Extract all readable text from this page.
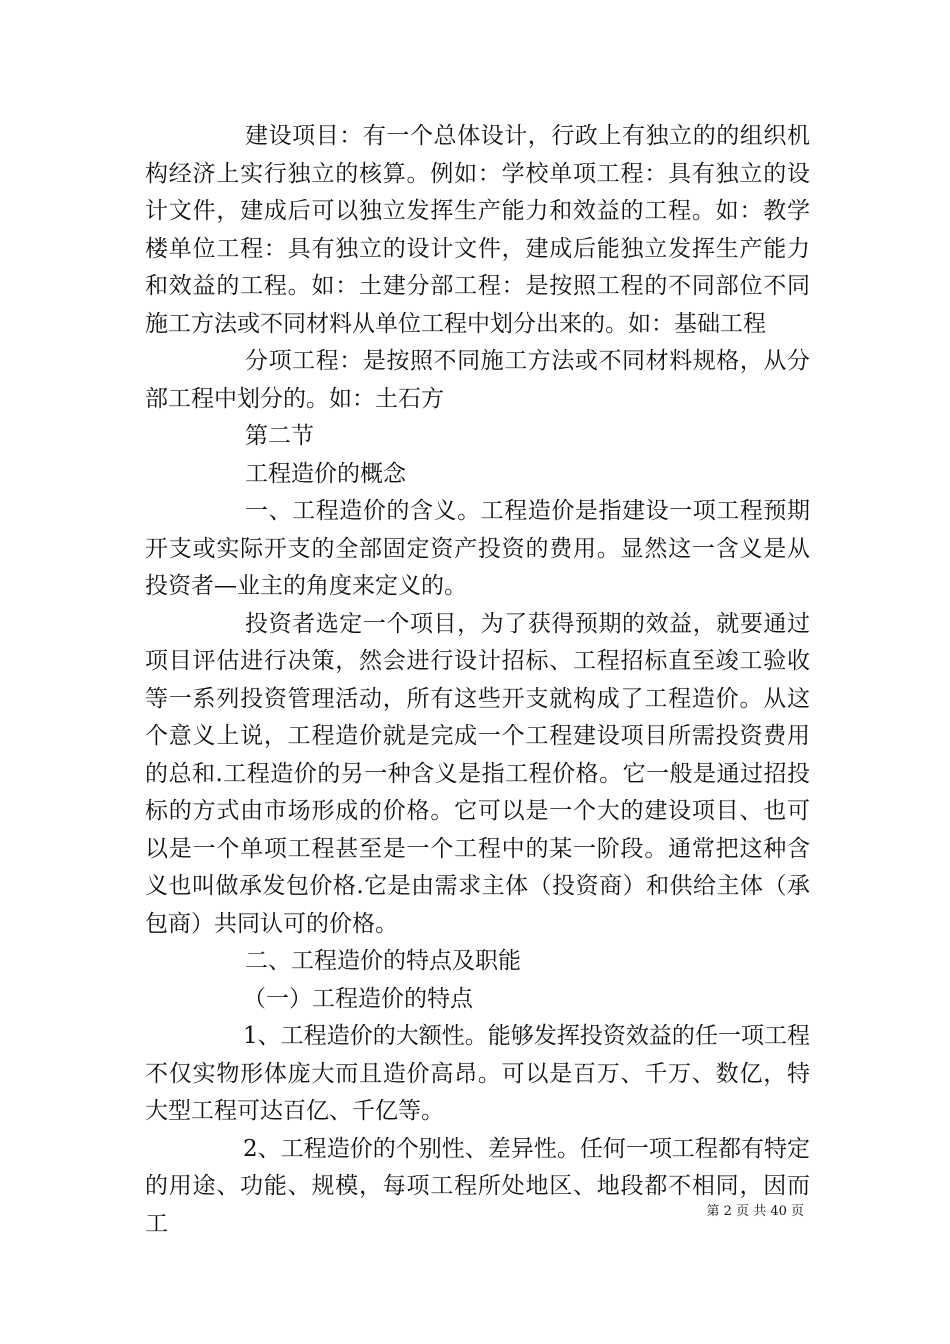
建设项目：有一个总体设计，行政上有独立的的组织机构经济上实行独立的核算。例如：学校单项工程：具有独立的设计文件，建成后可以独立发挥生产能力和效益的工程。如：教学楼单位工程：具有独立的设计文件，建成后能独立发挥生产能力和效益的工程。如：土建分部工程：是按照工程的不同部位不同施工方法或不同材料从单位工程中划分出来的。如：基础工程

分项工程：是按照不同施工方法或不同材料规格，从分部工程中划分的。如：土石方

第二节

工程造价的概念

一、工程造价的含义。工程造价是指建设一项工程预期开支或实际开支的全部固定资产投资的费用。显然这一含义是从投资者—业主的角度来定义的。

投资者选定一个项目，为了获得预期的效益，就要通过项目评估进行决策，然会进行设计招标、工程招标直至竣工验收等一系列投资管理活动，所有这些开支就构成了工程造价。从这个意义上说，工程造价就是完成一个工程建设项目所需投资费用的总和.工程造价的另一种含义是指工程价格。它一般是通过招投标的方式由市场形成的价格。它可以是一个大的建设项目、也可以是一个单项工程甚至是一个工程中的某一阶段。通常把这种含义也叫做承发包价格.它是由需求主体（投资商）和供给主体（承包商）共同认可的价格。

二、工程造价的特点及职能

（一）工程造价的特点

1、工程造价的大额性。能够发挥投资效益的任一项工程不仅实物形体庞大而且造价高昂。可以是百万、千万、数亿，特大型工程可达百亿、千亿等。

2、工程造价的个别性、差异性。任何一项工程都有特定的用途、功能、规模，每项工程所处地区、地段都不相同，因而工	第 2 页 共 40 页
